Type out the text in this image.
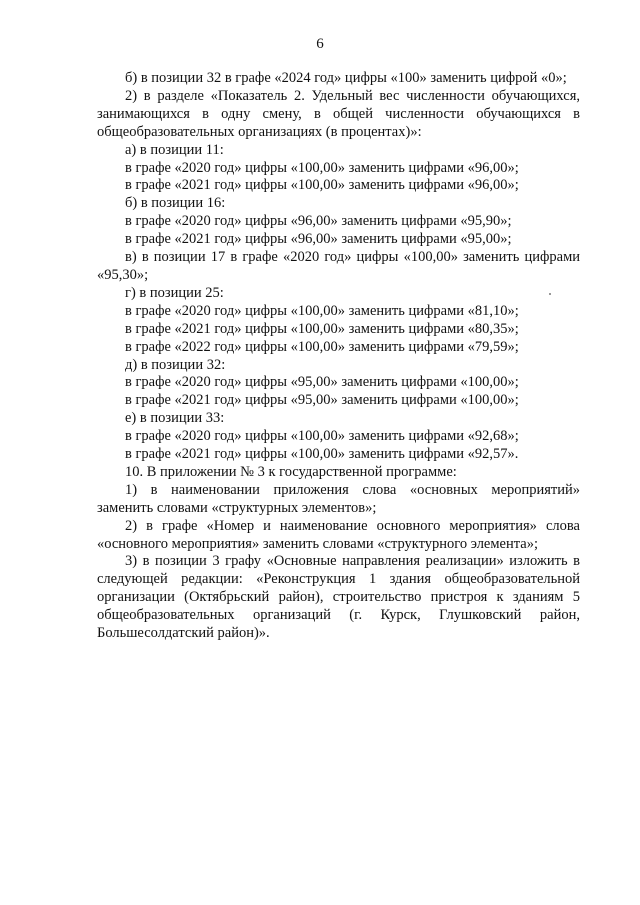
6

б) в позиции 32 в графе «2024 год» цифры «100» заменить цифрой «0»;

2) в разделе «Показатель 2. Удельный вес численности обучающихся, занимающихся в одну смену, в общей численности обучающихся в общеобразовательных организациях (в процентах)»:

а) в позиции 11:

в графе «2020 год» цифры «100,00» заменить цифрами «96,00»;

в графе «2021 год» цифры «100,00» заменить цифрами «96,00»;

б) в позиции 16:

в графе «2020 год» цифры «96,00» заменить цифрами «95,90»;

в графе «2021 год» цифры «96,00» заменить цифрами «95,00»;

в) в позиции 17 в графе «2020 год» цифры «100,00» заменить цифрами «95,30»;

г) в позиции 25:

в графе «2020 год» цифры «100,00» заменить цифрами «81,10»;

в графе «2021 год» цифры «100,00» заменить цифрами «80,35»;

в графе «2022 год» цифры «100,00» заменить цифрами «79,59»;

д) в позиции 32:

в графе «2020 год» цифры «95,00» заменить цифрами «100,00»;

в графе «2021 год» цифры «95,00» заменить цифрами «100,00»;

е) в позиции 33:

в графе «2020 год» цифры «100,00» заменить цифрами «92,68»;

в графе «2021 год» цифры «100,00» заменить цифрами «92,57».

10. В приложении № 3 к государственной программе:

1) в наименовании приложения слова «основных мероприятий» заменить словами «структурных элементов»;

2) в графе «Номер и наименование основного мероприятия» слова «основного мероприятия» заменить словами «структурного элемента»;

3) в позиции 3 графу «Основные направления реализации» изложить в следующей редакции: «Реконструкция 1 здания общеобразовательной организации (Октябрьский район), строительство пристроя к зданиям 5 общеобразовательных организаций (г. Курск, Глушковский район, Большесолдатский район)».
